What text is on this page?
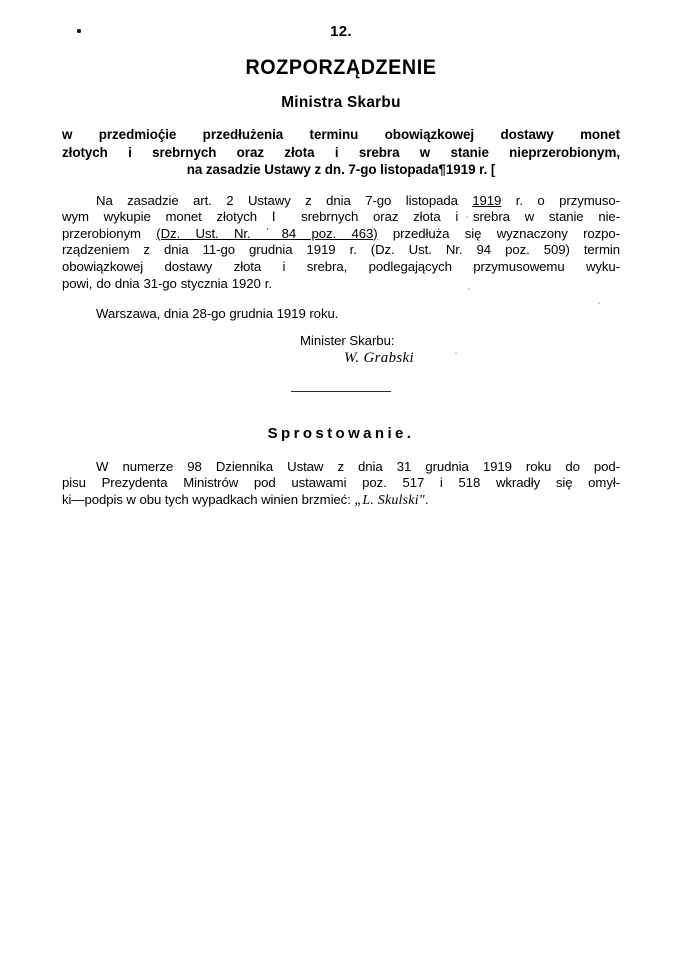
12.
ROZPORZĄDZENIE
Ministra Skarbu
w przedmioḉie przedłużenia terminu obowiązkowej dostawy monet
złotych i srebrnych oraz złota i srebra w stanie nieprzerobionym,
na zasadzie Ustawy z dn. 7-go listopada¶1919 r. [
Na zasadzie art. 2 Ustawy z dnia 7-go listopada 1919 r. o przymuso-
wym wykupie monet złotych Ⅰ srebrnych oraz złota i srebra w stanie nie-
przerobionym (Dz. Ust. Nr. ˙84 poz. 463) przedłuża się wyznaczony rozpo-
rządzeniem z dnia 11-go grudnia 1919 r. (Dz. Ust. Nr. 94 poz. 509) termin
obowiązkowej dostawy złota i srebra, podlegających przymusowemu wyku-
powi, do dnia 31-go stycznia 1920 r.
Warszawa, dnia 28-go grudnia 1919 roku.
Minister Skarbu:
W. Grabski
Sprostowanie.
W numerze 98 Dziennika Ustaw z dnia 31 grudnia 1919 roku do pod-
pisu Prezydenta Ministrów pod ustawami poz. 517 i 518 wkradły się omył-
ki—podpis w obu tych wypadkach winien brzmieć: „L. Skulski".
